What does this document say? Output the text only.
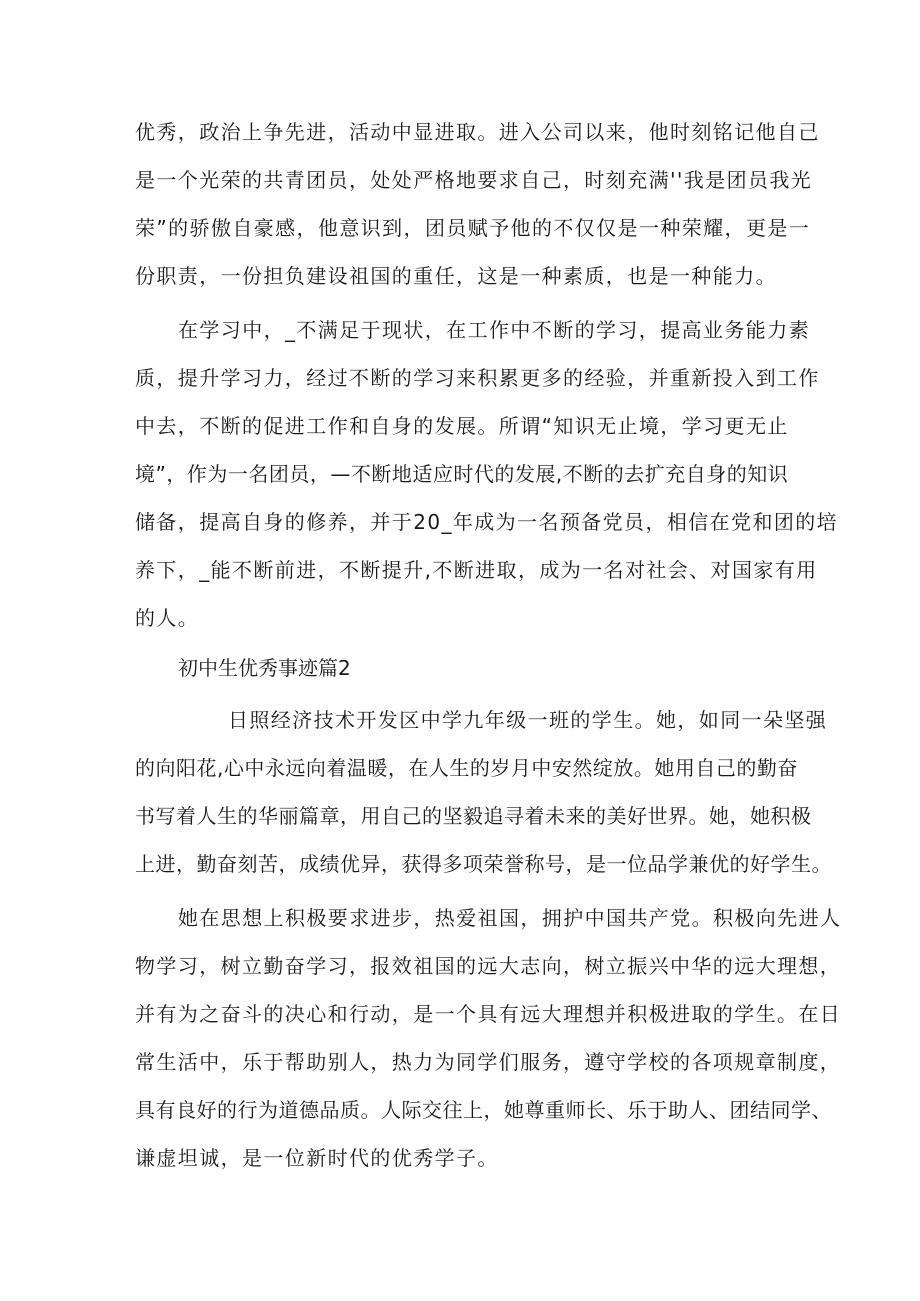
优秀，政治上争先进，活动中显进取。进入公司以来，他时刻铭记他自己
是一个光荣的共青团员，处处严格地要求自己，时刻充满''我是团员我光
荣”的骄傲自豪感，他意识到，团员赋予他的不仅仅是一种荣耀，更是一
份职责，一份担负建设祖国的重任，这是一种素质，也是一种能力。
在学习中，_不满足于现状，在工作中不断的学习，提高业务能力素
质，提升学习力，经过不断的学习来积累更多的经验，并重新投入到工作
中去，不断的促进工作和自身的发展。所谓“知识无止境，学习更无止
境”，作为一名团员，—不断地适应时代的发展,不断的去扩充自身的知识
储备，提高自身的修养，并于20_年成为一名预备党员，相信在党和团的培
养下，_能不断前进，不断提升,不断进取，成为一名对社会、对国家有用
的人。
初中生优秀事迹篇2
日照经济技术开发区中学九年级一班的学生。她，如同一朵坚强
的向阳花,心中永远向着温暖，在人生的岁月中安然绽放。她用自己的勤奋
书写着人生的华丽篇章，用自己的坚毅追寻着未来的美好世界。她，她积极
上进，勤奋刻苦，成绩优异，获得多项荣誉称号，是一位品学兼优的好学生。
她在思想上积极要求进步，热爱祖国，拥护中国共产党。积极向先进人
物学习，树立勤奋学习，报效祖国的远大志向，树立振兴中华的远大理想，
并有为之奋斗的决心和行动，是一个具有远大理想并积极进取的学生。在日
常生活中，乐于帮助别人，热力为同学们服务，遵守学校的各项规章制度，
具有良好的行为道德品质。人际交往上，她尊重师长、乐于助人、团结同学、
谦虚坦诚，是一位新时代的优秀学子。
